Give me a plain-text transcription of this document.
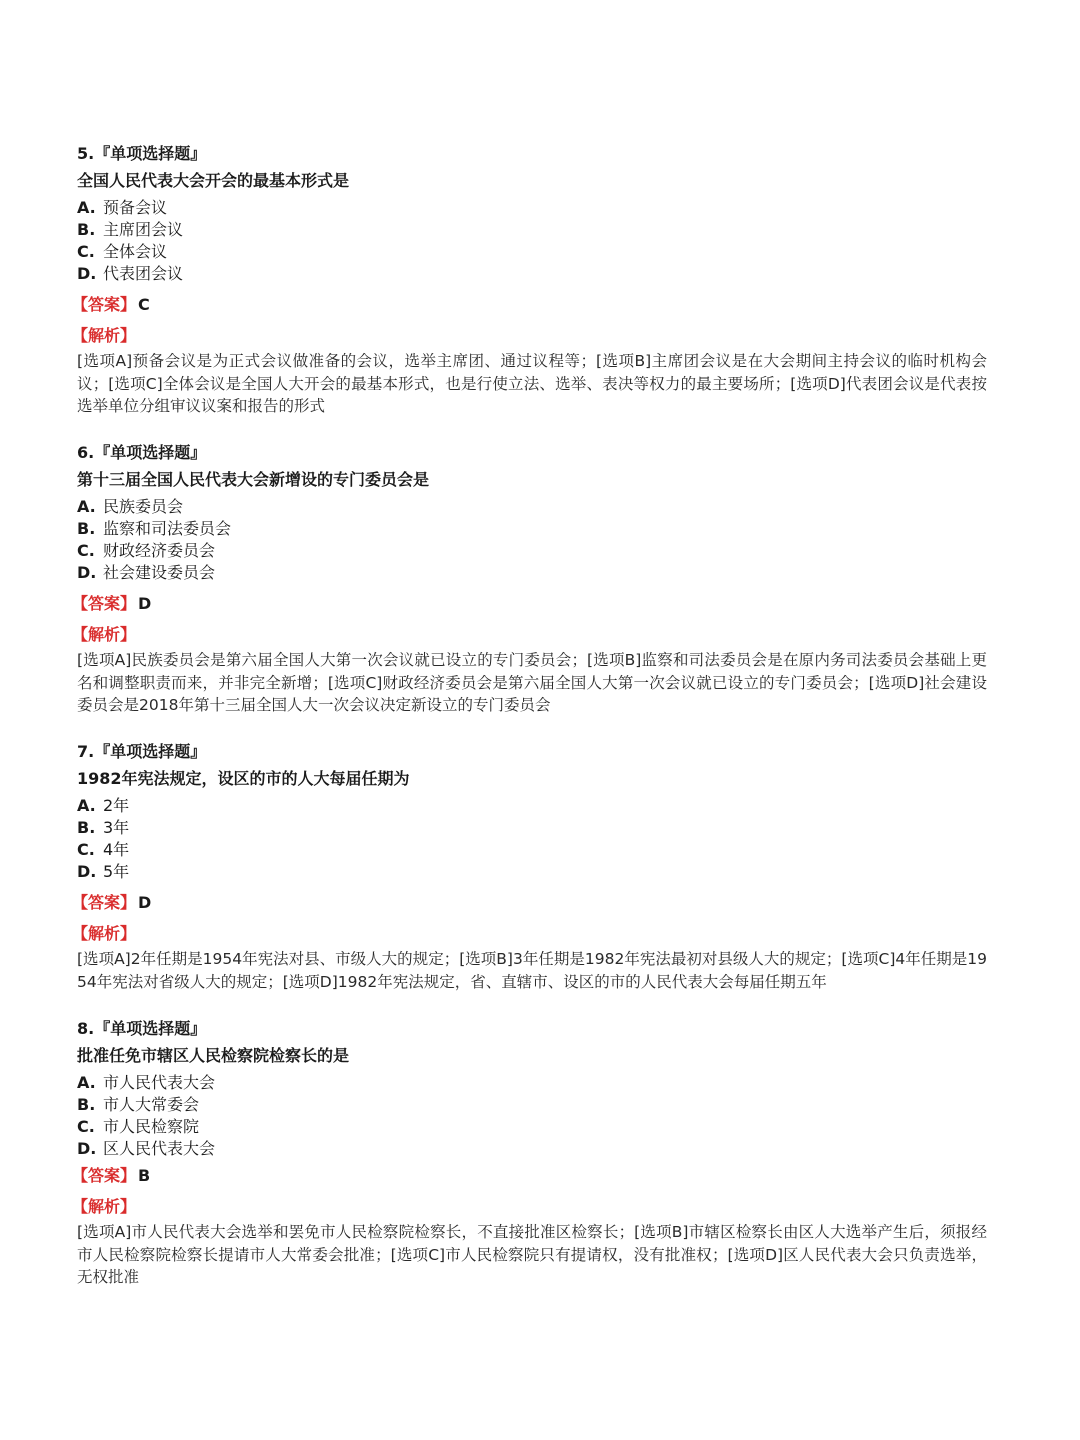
5.『单项选择题』
全国人民代表大会开会的最基本形式是
A. 预备会议
B. 主席团会议
C. 全体会议
D. 代表团会议
【答案】 C
【解析】
[选项A]预备会议是为正式会议做准备的会议，选举主席团、通过议程等；[选项B]主席团会议是在大会期间主持会议的临时机构会议；[选项C]全体会议是全国人大开会的最基本形式，也是行使立法、选举、表决等权力的最主要场所；[选项D]代表团会议是代表按选举单位分组审议议案和报告的形式
6.『单项选择题』
第十三届全国人民代表大会新增设的专门委员会是
A. 民族委员会
B. 监察和司法委员会
C. 财政经济委员会
D. 社会建设委员会
【答案】 D
【解析】
[选项A]民族委员会是第六届全国人大第一次会议就已设立的专门委员会；[选项B]监察和司法委员会是在原内务司法委员会基础上更名和调整职责而来，并非完全新增；[选项C]财政经济委员会是第六届全国人大第一次会议就已设立的专门委员会；[选项D]社会建设委员会是2018年第十三届全国人大一次会议决定新设立的专门委员会
7.『单项选择题』
1982年宪法规定，设区的市的人大每届任期为
A. 2年
B. 3年
C. 4年
D. 5年
【答案】 D
【解析】
[选项A]2年任期是1954年宪法对县、市级人大的规定；[选项B]3年任期是1982年宪法最初对县级人大的规定；[选项C]4年任期是1954年宪法对省级人大的规定；[选项D]1982年宪法规定，省、直辖市、设区的市的人民代表大会每届任期五年
8.『单项选择题』
批准任免市辖区人民检察院检察长的是
A. 市人民代表大会
B. 市人大常委会
C. 市人民检察院
D. 区人民代表大会
【答案】 B
【解析】
[选项A]市人民代表大会选举和罢免市人民检察院检察长，不直接批准区检察长；[选项B]市辖区检察长由区人大选举产生后，须报经市人民检察院检察长提请市人大常委会批准；[选项C]市人民检察院只有提请权，没有批准权；[选项D]区人民代表大会只负责选举，无权批准
